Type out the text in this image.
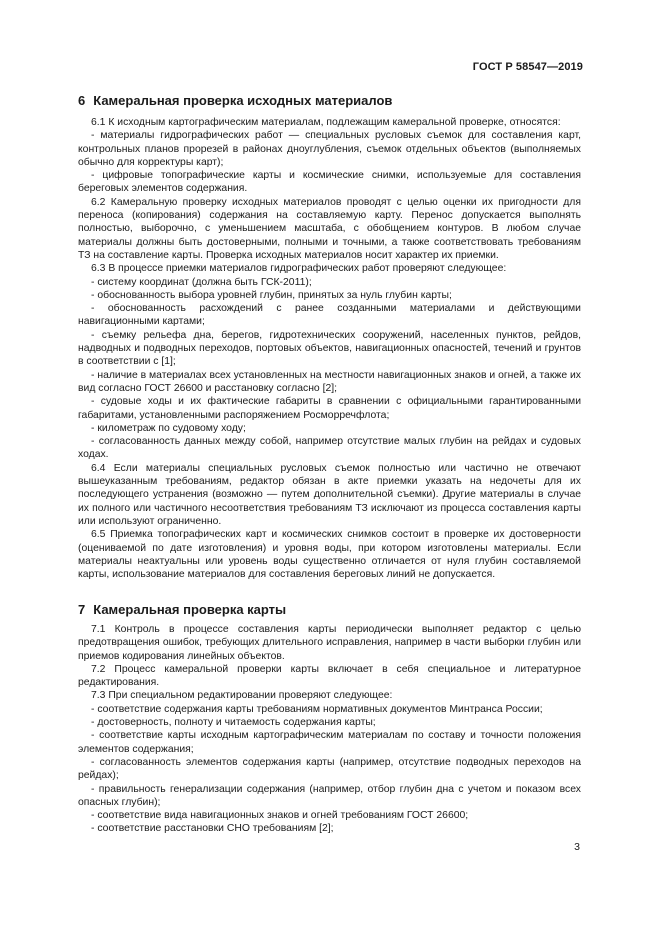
ГОСТ Р 58547—2019
6 Камеральная проверка исходных материалов

6.1 К исходным картографическим материалам, подлежащим камеральной проверке, относятся:

- материалы гидрографических работ — специальных русловых съемок для составления карт, контрольных планов прорезей в районах дноуглубления, съемок отдельных объектов (выполняемых обычно для корректуры карт);

- цифровые топографические карты и космические снимки, используемые для составления береговых элементов содержания.

6.2 Камеральную проверку исходных материалов проводят с целью оценки их пригодности для переноса (копирования) содержания на составляемую карту. Перенос допускается выполнять полностью, выборочно, с уменьшением масштаба, с обобщением контуров. В любом случае материалы должны быть достоверными, полными и точными, а также соответствовать требованиям ТЗ на составление карты. Проверка исходных материалов носит характер их приемки.

6.3 В процессе приемки материалов гидрографических работ проверяют следующее:

- систему координат (должна быть ГСК-2011);

- обоснованность выбора уровней глубин, принятых за нуль глубин карты;

- обоснованность расхождений с ранее созданными материалами и действующими навигационными картами;

- съемку рельефа дна, берегов, гидротехнических сооружений, населенных пунктов, рейдов, надводных и подводных переходов, портовых объектов, навигационных опасностей, течений и грунтов в соответствии с [1];

- наличие в материалах всех установленных на местности навигационных знаков и огней, а также их вид согласно ГОСТ 26600 и расстановку согласно [2];

- судовые ходы и их фактические габариты в сравнении с официальными гарантированными габаритами, установленными распоряжением Росморречфлота;

- километраж по судовому ходу;

- согласованность данных между собой, например отсутствие малых глубин на рейдах и судовых ходах.

6.4 Если материалы специальных русловых съемок полностью или частично не отвечают вышеуказанным требованиям, редактор обязан в акте приемки указать на недочеты для их последующего устранения (возможно — путем дополнительной съемки). Другие материалы в случае их полного или частичного несоответствия требованиям ТЗ исключают из процесса составления карты или используют ограниченно.

6.5 Приемка топографических карт и космических снимков состоит в проверке их достоверности (оцениваемой по дате изготовления) и уровня воды, при котором изготовлены материалы. Если материалы неактуальны или уровень воды существенно отличается от нуля глубин составляемой карты, использование материалов для составления береговых линий не допускается.

7 Камеральная проверка карты

7.1 Контроль в процессе составления карты периодически выполняет редактор с целью предотвращения ошибок, требующих длительного исправления, например в части выборки глубин или приемов кодирования линейных объектов.

7.2 Процесс камеральной проверки карты включает в себя специальное и литературное редактирования.

7.3 При специальном редактировании проверяют следующее:

- соответствие содержания карты требованиям нормативных документов Минтранса России;

- достоверность, полноту и читаемость содержания карты;

- соответствие карты исходным картографическим материалам по составу и точности положения элементов содержания;

- согласованность элементов содержания карты (например, отсутствие подводных переходов на рейдах);

- правильность генерализации содержания (например, отбор глубин дна с учетом и показом всех опасных глубин);

- соответствие вида навигационных знаков и огней требованиям ГОСТ 26600;

- соответствие расстановки СНО требованиям [2];

3
